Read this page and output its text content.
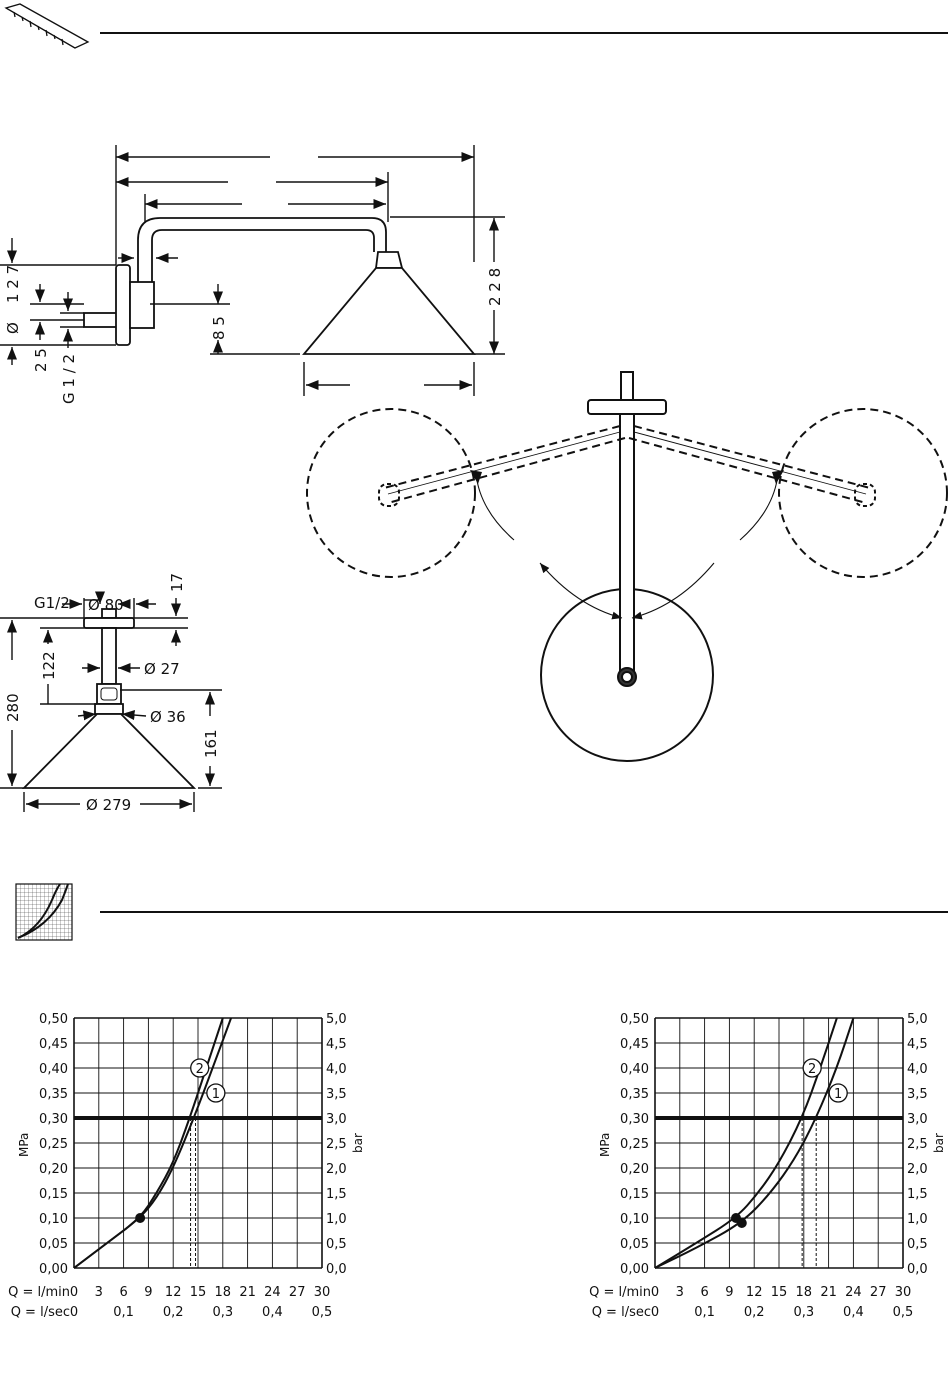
1 2 7
Ø
2 5 G 1 / 2
8 5
2 2 8
Ø 80
17
G1/2
280
122	Ø 27
Ø 36
161
Ø 279
0,00
0,05
0,10
0,15
0,20
0,25
0,30
0,35
0,40
0,45
0,50
0,0
0,5
1,0
1,5
2,0
2,5
3,0
3,5
4,0
4,5
5,0
MPa	bar
Q = l/min 0 3 6 9 12 15 18 21 24 27 30
Q = l/sec 0	0,1 0,2 0,3 0,4 0,5
1
2
0,00
0,05
0,10
0,15
0,20
0,25
0,30
0,35
0,40
0,45
0,50
0,0
0,5
1,0
1,5
2,0
2,5
3,0
3,5
4,0
4,5
5,0
MPa	bar
Q = l/min 0 3 6 9 12 15 18 21 24 27 30
Q = l/sec 0	0,1 0,2 0,3 0,4 0,5
1
2
